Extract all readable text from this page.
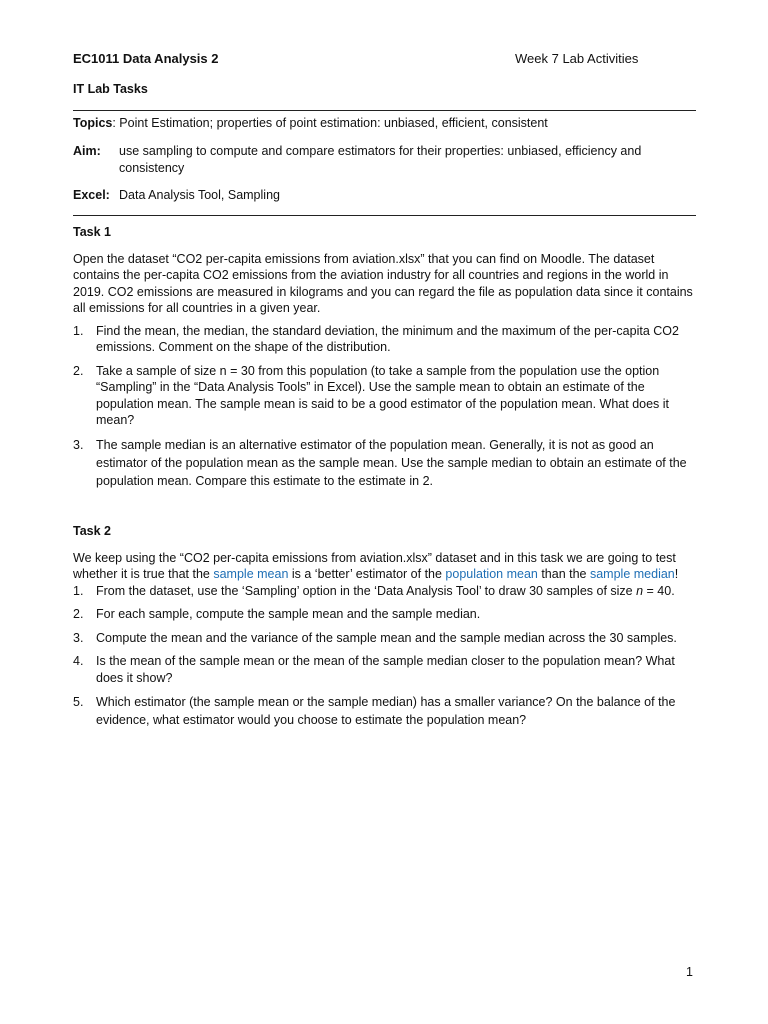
EC1011 Data Analysis 2	Week 7 Lab Activities
IT Lab Tasks
Topics: Point Estimation; properties of point estimation: unbiased, efficient, consistent
Aim:	use sampling to compute and compare estimators for their properties: unbiased, efficiency and consistency
Excel: Data Analysis Tool, Sampling
Task 1

Open the dataset “CO2 per-capita emissions from aviation.xlsx” that you can find on Moodle. The dataset contains the per-capita CO2 emissions from the aviation industry for all countries and regions in the world in 2019. CO2 emissions are measured in kilograms and you can regard the file as population data since it contains all emissions for all countries in a given year.

1. Find the mean, the median, the standard deviation, the minimum and the maximum of the per-capita CO2 emissions. Comment on the shape of the distribution.
2. Take a sample of size n = 30 from this population (to take a sample from the population use the option “Sampling” in the “Data Analysis Tools” in Excel). Use the sample mean to obtain an estimate of the population mean. The sample mean is said to be a good estimator of the population mean. What does it mean?
3. The sample median is an alternative estimator of the population mean. Generally, it is not as good an estimator of the population mean as the sample mean. Use the sample median to obtain an estimate of the population mean. Compare this estimate to the estimate in 2.
Task 2

We keep using the “CO2 per-capita emissions from aviation.xlsx” dataset and in this task we are going to test whether it is true that the sample mean is a ‘better’ estimator of the population mean than the sample median!

1. From the dataset, use the ‘Sampling’ option in the ‘Data Analysis Tool’ to draw 30 samples of size n = 40.
2. For each sample, compute the sample mean and the sample median.
3. Compute the mean and the variance of the sample mean and the sample median across the 30 samples.
4. Is the mean of the sample mean or the mean of the sample median closer to the population mean? What does it show?
5. Which estimator (the sample mean or the sample median) has a smaller variance? On the balance of the evidence, what estimator would you choose to estimate the population mean?
1
